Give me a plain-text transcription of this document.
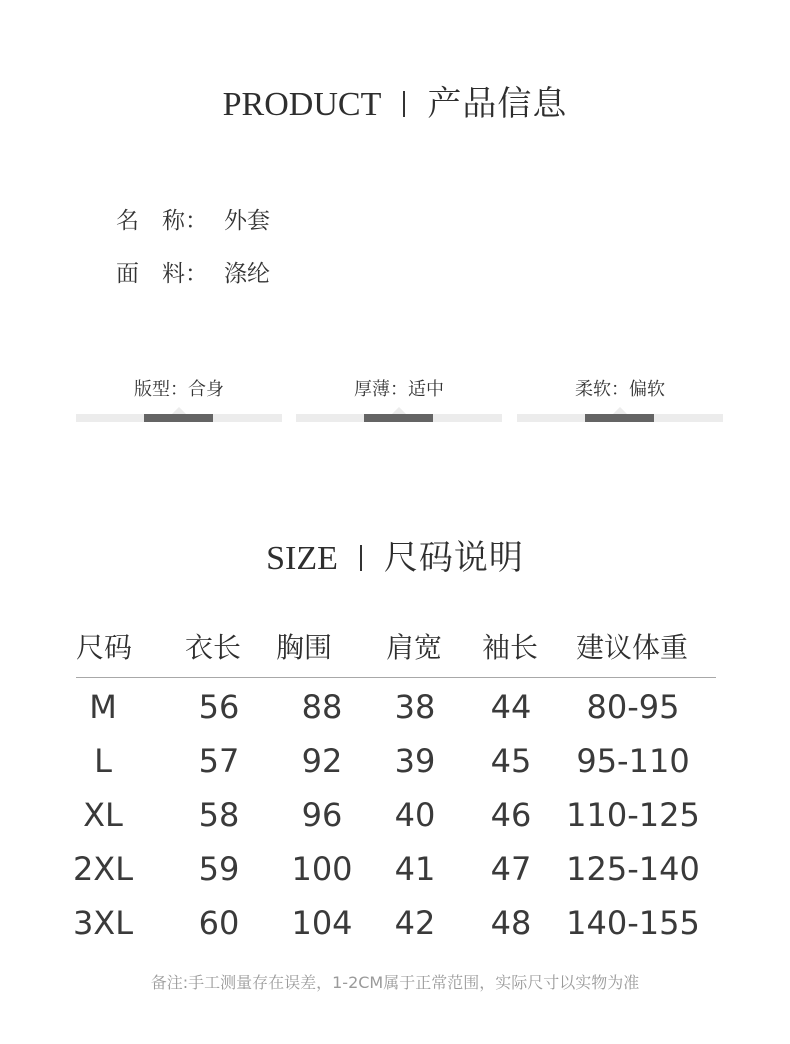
PRODUCT 产品信息
名　称： 外套
面　料： 涤纶
版型：合身	厚薄：适中	柔软：偏软
SIZE 尺码说明
尺码 衣长 胸围 肩宽 袖长 建议体重
M	56	88	38	44	80-95
L	57	92	39	45	95-110
XL	58	96	40	46	110-125
2XL	59	100	41	47	125-140
3XL	60	104	42	48	140-155
备注:手工测量存在误差，1-2CM属于正常范围，实际尺寸以实物为准
